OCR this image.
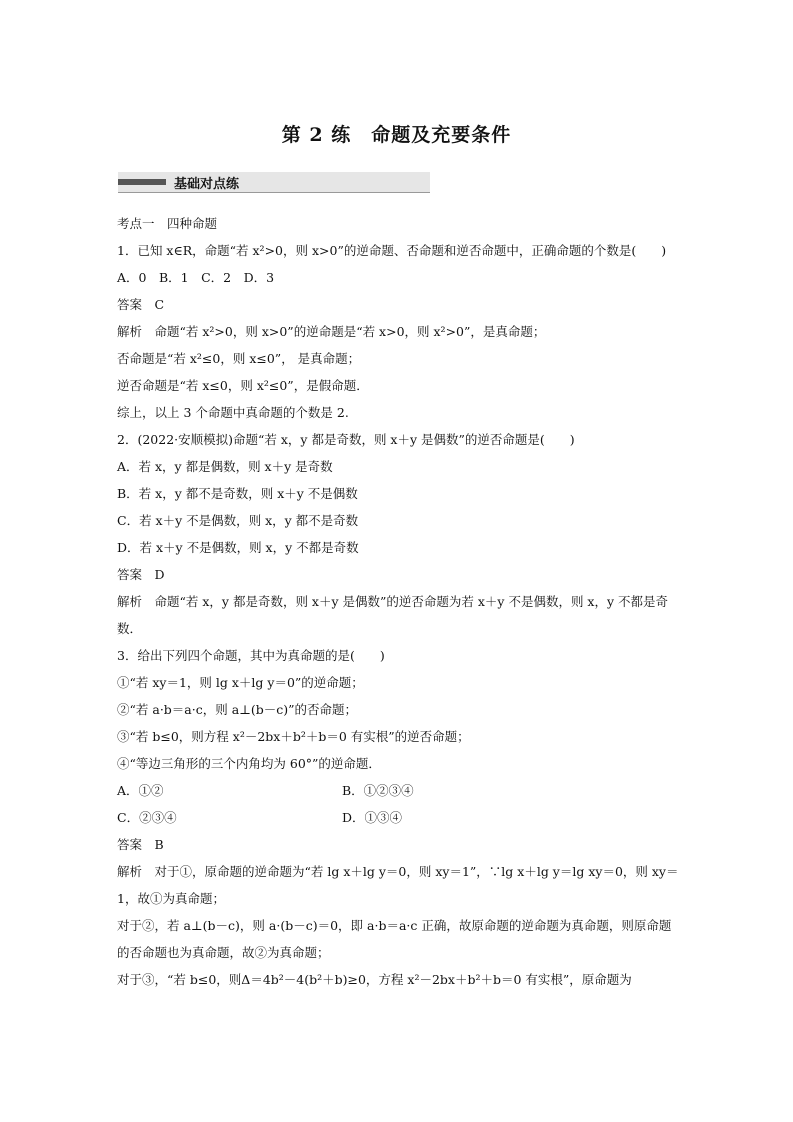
第 2 练　命题及充要条件
基础对点练

考点一　四种命题

1．已知 x∈R，命题“若 x²>0，则 x>0”的逆命题、否命题和逆否命题中，正确命题的个数是(　　)

A．0　B．1　C．2　D．3

答案　C

解析　命题“若 x²>0，则 x>0”的逆命题是“若 x>0，则 x²>0”，是真命题；

否命题是“若 x²≤0，则 x≤0”， 是真命题；

逆否命题是“若 x≤0，则 x²≤0”，是假命题．

综上，以上 3 个命题中真命题的个数是 2.

2．(2022·安顺模拟)命题“若 x，y 都是奇数，则 x＋y 是偶数”的逆否命题是(　　)

A．若 x，y 都是偶数，则 x＋y 是奇数

B．若 x，y 都不是奇数，则 x＋y 不是偶数

C．若 x＋y 不是偶数，则 x，y 都不是奇数

D．若 x＋y 不是偶数，则 x，y 不都是奇数

答案　D

解析　命题“若 x，y 都是奇数，则 x＋y 是偶数”的逆否命题为若 x＋y 不是偶数，则 x，y 不都是奇数．

3．给出下列四个命题，其中为真命题的是(　　)

①“若 xy＝1，则 lg x＋lg y＝0”的逆命题；

②“若 a·b＝a·c，则 a⊥(b－c)”的否命题；

③“若 b≤0，则方程 x²－2bx＋b²＋b＝0 有实根”的逆否命题；

④“等边三角形的三个内角均为 60°”的逆命题．

A．①②	B．①②③④

C．②③④	D．①③④

答案　B

解析　对于①，原命题的逆命题为“若 lg x＋lg y＝0，则 xy＝1”，∵lg x＋lg y＝lg xy＝0，则 xy＝1，故①为真命题；

对于②，若 a⊥(b－c)，则 a·(b－c)＝0，即 a·b＝a·c 正确，故原命题的逆命题为真命题，则原命题的否命题也为真命题，故②为真命题；

对于③，“若 b≤0，则Δ＝4b²－4(b²＋b)≥0，方程 x²－2bx＋b²＋b＝0 有实根”，原命题为
